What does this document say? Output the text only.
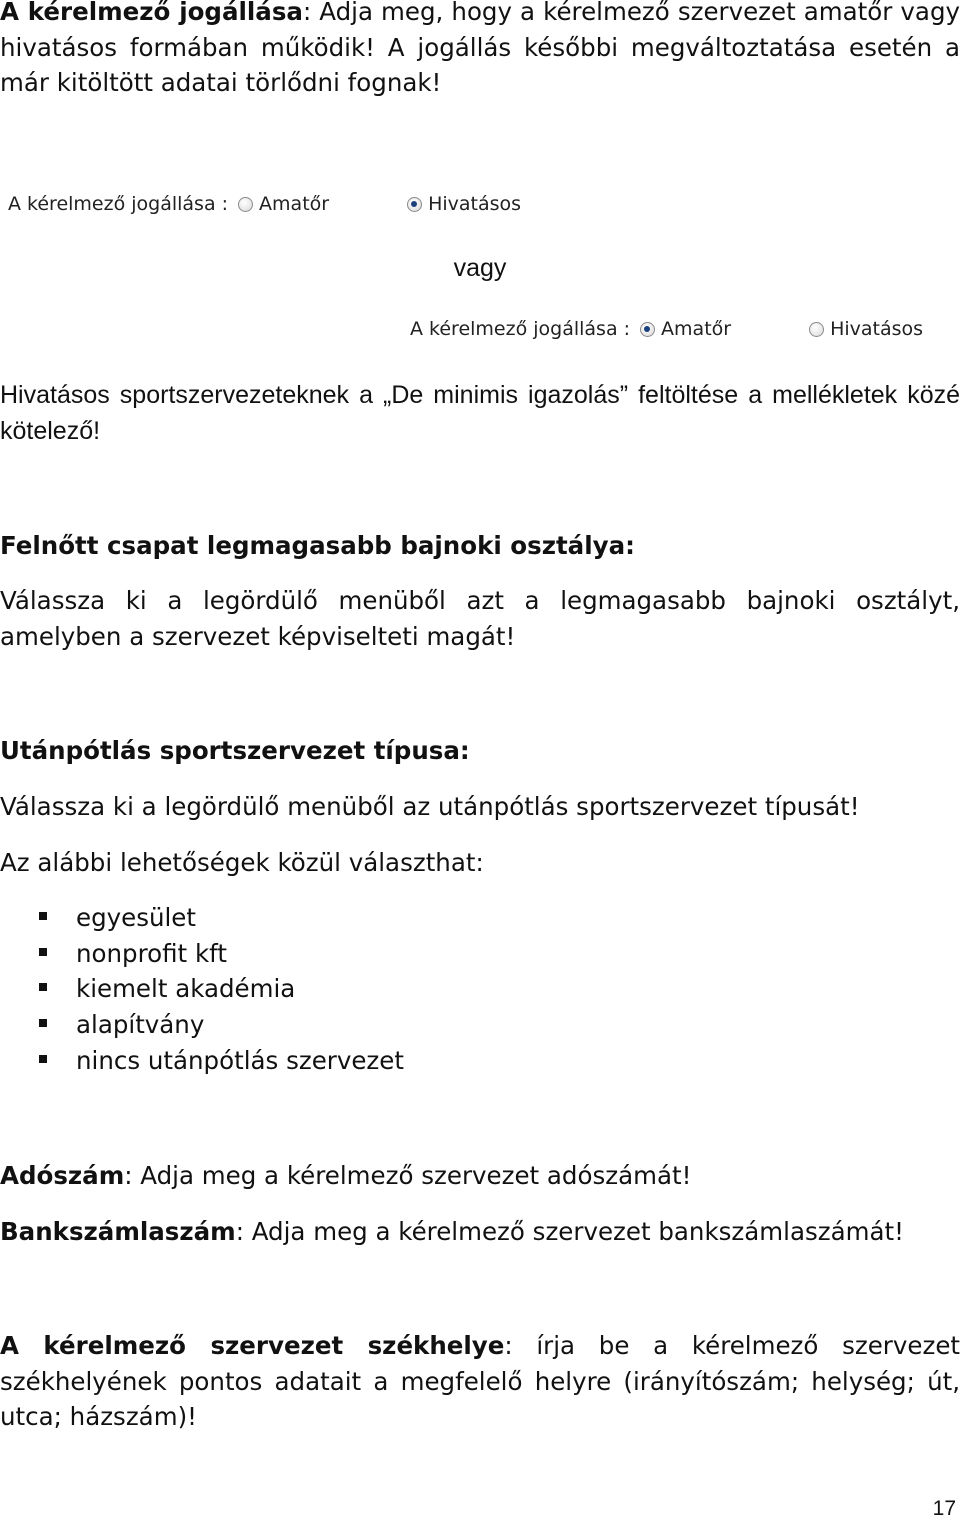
A kérelmező jogállása: Adja meg, hogy a kérelmező szervezet amatőr vagy hivatásos formában működik! A jogállás későbbi megváltoztatása esetén a már kitöltött adatai törlődni fognak!

A kérelmező jogállása : Amatőr	Hivatásos
vagy
A kérelmező jogállása : Amatőr	Hivatásos

Hivatásos sportszervezeteknek a „De minimis igazolás” feltöltése a mellékletek közé kötelező!

Felnőtt csapat legmagasabb bajnoki osztálya:

Válassza ki a legördülő menüből azt a legmagasabb bajnoki osztályt, amelyben a szervezet képviselteti magát!

Utánpótlás sportszervezet típusa:

Válassza ki a legördülő menüből az utánpótlás sportszervezet típusát!

Az alábbi lehetőségek közül választhat:

egyesület
nonprofit kft
kiemelt akadémia
alapítvány
nincs utánpótlás szervezet

Adószám: Adja meg a kérelmező szervezet adószámát!

Bankszámlaszám: Adja meg a kérelmező szervezet bankszámlaszámát!

A kérelmező szervezet székhelye: írja be a kérelmező szervezet székhelyének pontos adatait a megfelelő helyre (irányítószám; helység; út, utca; házszám)!

17
